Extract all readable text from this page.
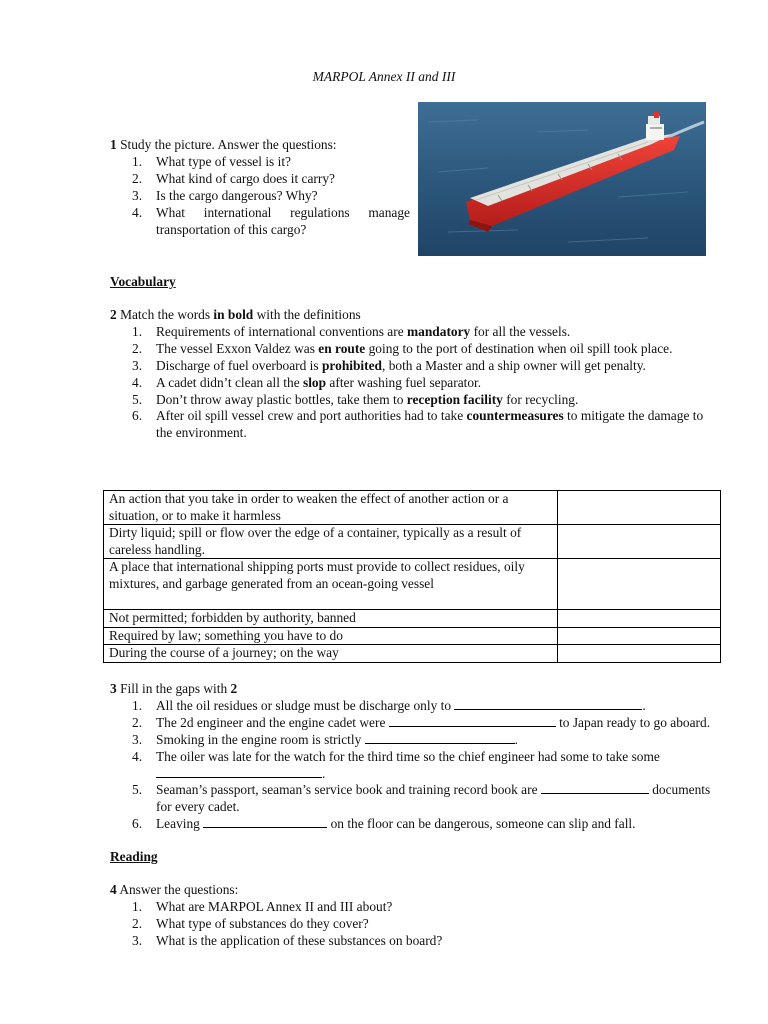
MARPOL Annex II and III
1 Study the picture. Answer the questions:
1. What type of vessel is it?
2. What kind of cargo does it carry?
3. Is the cargo dangerous? Why?
4. What international regulations manage transportation of this cargo?
Vocabulary
2 Match the words in bold with the definitions
1. Requirements of international conventions are mandatory for all the vessels.
2. The vessel Exxon Valdez was en route going to the port of destination when oil spill took place.
3. Discharge of fuel overboard is prohibited, both a Master and a ship owner will get penalty.
4. A cadet didn’t clean all the slop after washing fuel separator.
5. Don’t throw away plastic bottles, take them to reception facility for recycling.
6. After oil spill vessel crew and port authorities had to take countermeasures to mitigate the damage to the environment.
An action that you take in order to weaken the effect of another action or a situation, or to make it harmless	
Dirty liquid; spill or flow over the edge of a container, typically as a result of careless handling.	
A place that international shipping ports must provide to collect residues, oily mixtures, and garbage generated from an ocean-going vessel	
Not permitted; forbidden by authority, banned	
Required by law; something you have to do	
During the course of a journey; on the way	
3 Fill in the gaps with 2
1. All the oil residues or sludge must be discharge only to	.
2. The 2d engineer and the engine cadet were	to Japan ready to go aboard.
3. Smoking in the engine room is strictly	.
4. The oiler was late for the watch for the third time so the chief engineer had some to take some .
5. Seaman’s passport, seaman’s service book and training record book are	documents for every cadet.
6. Leaving	on the floor can be dangerous, someone can slip and fall.
Reading
4 Answer the questions:
1. What are MARPOL Annex II and III about?
2. What type of substances do they cover?
3. What is the application of these substances on board?
